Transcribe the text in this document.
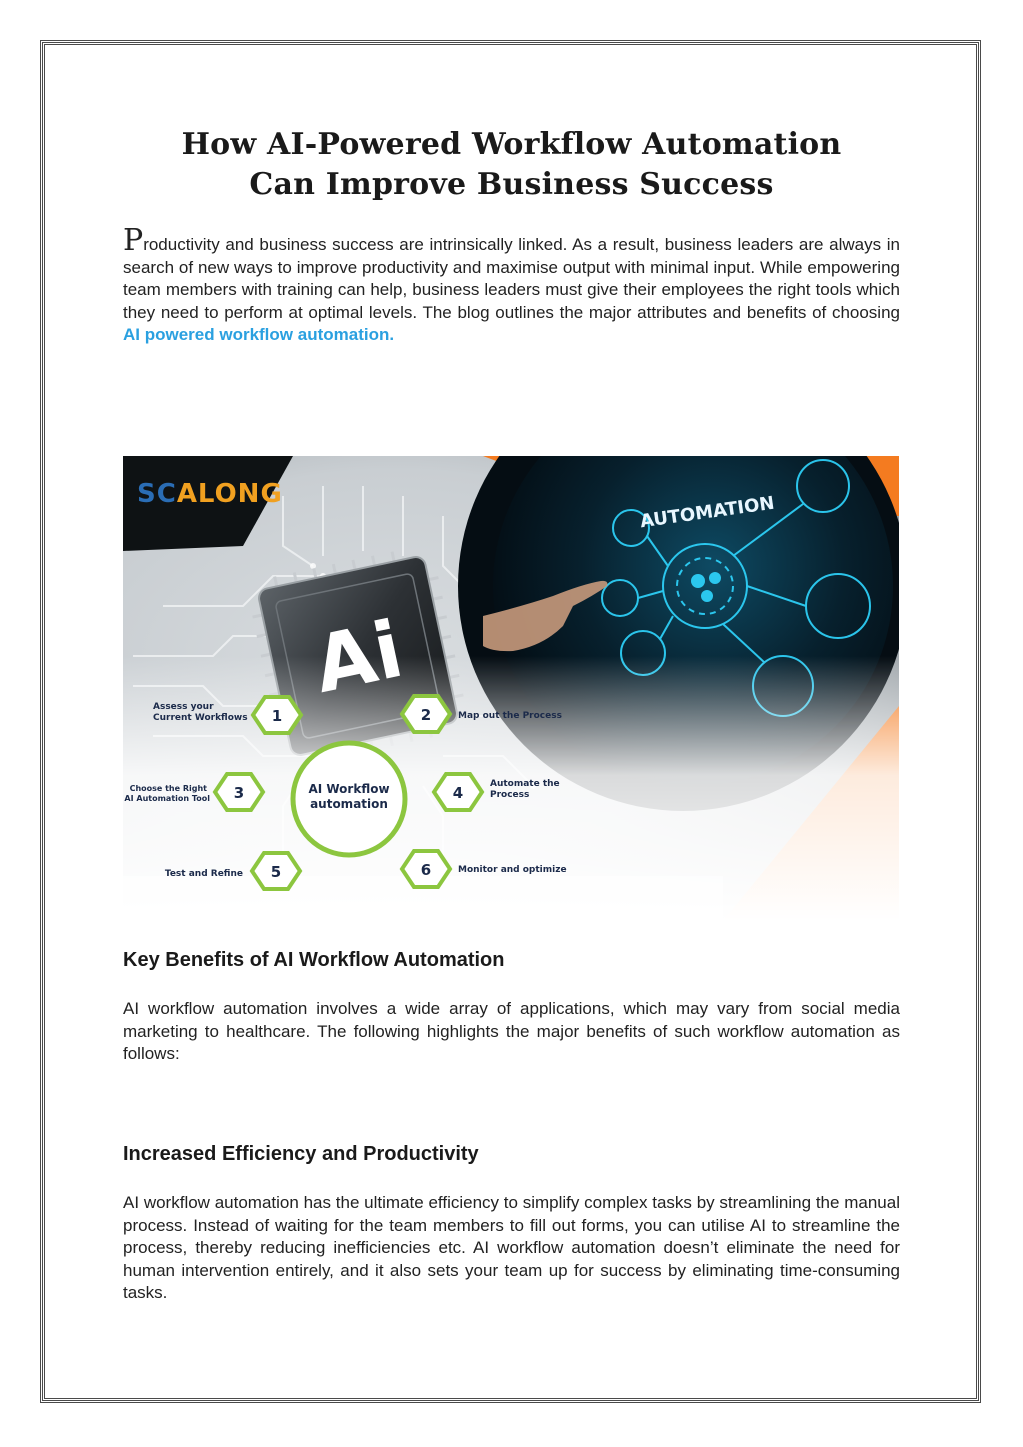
How AI-Powered Workflow Automation
Can Improve Business Success
Productivity and business success are intrinsically linked. As a result, business leaders are always in search of new ways to improve productivity and maximise output with minimal input. While empowering team members with training can help, business leaders must give their employees the right tools which they need to perform at optimal levels. The blog outlines the major attributes and benefits of choosing AI powered workflow automation.
SCALONG	AUTOMATION
AI Workflow
automation
1
Assess your
Current Workflows	2	Map out the Process
3
Choose the Right
AI Automation Tool	4	Automate the
Process
5
Test and Refine	6	Monitor and optimize
Key Benefits of AI Workflow Automation
AI workflow automation involves a wide array of applications, which may vary from social media marketing to healthcare. The following highlights the major benefits of such workflow automation as follows:
Increased Efficiency and Productivity
AI workflow automation has the ultimate efficiency to simplify complex tasks by streamlining the manual process. Instead of waiting for the team members to fill out forms, you can utilise AI to streamline the process, thereby reducing inefficiencies etc. AI workflow automation doesn’t eliminate the need for human intervention entirely, and it also sets your team up for success by eliminating time-consuming tasks.
